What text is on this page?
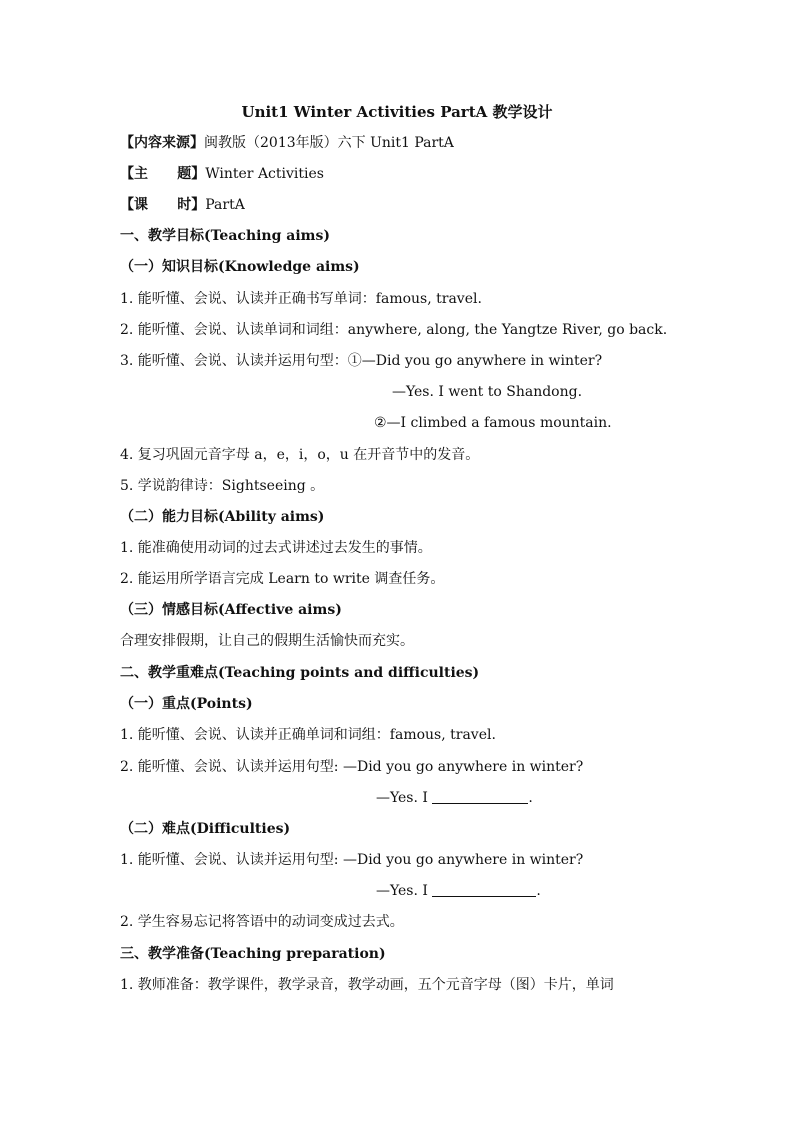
Unit1 Winter Activities PartA 教学设计
【内容来源】闽教版（2013年版）六下 Unit1 PartA
【主      题】Winter Activities
【课      时】PartA
一、教学目标(Teaching aims)
（一）知识目标(Knowledge aims)
1. 能听懂、会说、认读并正确书写单词：famous, travel.
2. 能听懂、会说、认读单词和词组：anywhere, along, the Yangtze River, go back.
3. 能听懂、会说、认读并运用句型：①—Did you go anywhere in winter?
—Yes. I went to Shandong.
②—I climbed a famous mountain.
4. 复习巩固元音字母 a，e，i，o，u 在开音节中的发音。
5. 学说韵律诗：Sightseeing 。
（二）能力目标(Ability aims)
1. 能准确使用动词的过去式讲述过去发生的事情。
2. 能运用所学语言完成 Learn to write 调查任务。
（三）情感目标(Affective aims)
合理安排假期，让自己的假期生活愉快而充实。
二、教学重难点(Teaching points and difficulties)
（一）重点(Points)
1. 能听懂、会说、认读并正确单词和词组：famous, travel.
2. 能听懂、会说、认读并运用句型: —Did you go anywhere in winter?
—Yes. I	.
（二）难点(Difficulties)
1. 能听懂、会说、认读并运用句型: —Did you go anywhere in winter?
—Yes. I	.
2. 学生容易忘记将答语中的动词变成过去式。
三、教学准备(Teaching preparation)
1. 教师准备：教学课件，教学录音，教学动画，五个元音字母（图）卡片，单词
